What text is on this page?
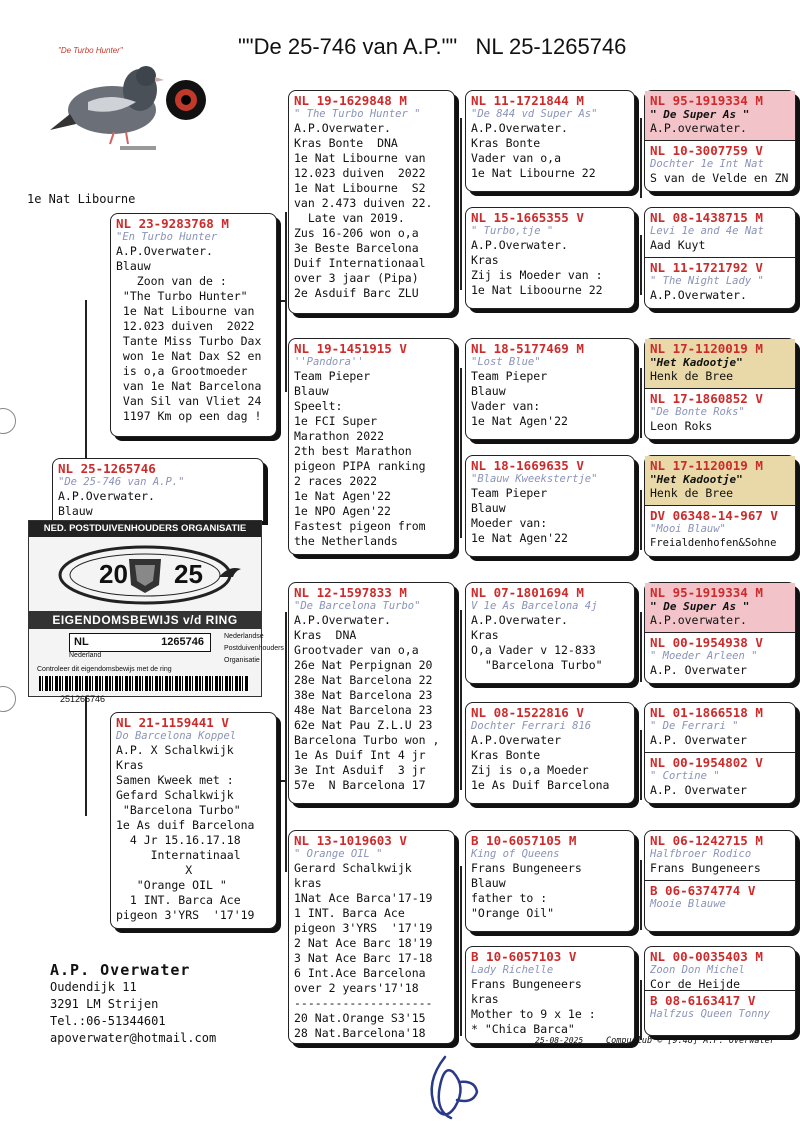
""De 25-746 van A.P."" NL 25-1265746
"De Turbo Hunter"
1e Nat Libourne
NL 25-1265746
"De 25-746 van A.P."
A.P.Overwater.
Blauw
NED. POSTDUIVENHOUDERS ORGANISATIE
20 25
EIGENDOMSBEWIJS v/d RING
NL	1265746
Nederland
Nederlandse
Postduivenhouders
Organisatie
Controleer dit eigendomsbewijs met de ring
251265746
NL 23-9283768 M
"En Turbo Hunter
A.P.Overwater.
Blauw
Zoon van de :
"The Turbo Hunter"
1e Nat Libourne van
12.023 duiven  2022
Tante Miss Turbo Dax
won 1e Nat Dax S2 en
is o,a Grootmoeder
van 1e Nat Barcelona
Van Sil van Vliet 24
1197 Km op een dag !
NL 21-1159441 V
Do Barcelona Koppel
A.P. X Schalkwijk
Kras
Samen Kweek met :
Gefard Schalkwijk
"Barcelona Turbo"
1e As duif Barcelona
4 Jr 15.16.17.18
Internatinaal
X
"Orange OIL "
1 INT. Barca Ace
pigeon 3'YRS  '17'19
NL 19-1629848 M
" The Turbo Hunter "
A.P.Overwater.
Kras Bonte  DNA
1e Nat Libourne van
12.023 duiven  2022
1e Nat Libourne  S2
van 2.473 duiven 22.
Late van 2019.
Zus 16-206 won o,a
3e Beste Barcelona
Duif Internationaal
over 3 jaar (Pipa)
2e Asduif Barc ZLU
NL 19-1451915 V
''Pandora''
Team Pieper
Blauw
Speelt:
1e FCI Super
Marathon 2022
2th best Marathon
pigeon PIPA ranking
2 races 2022
1e Nat Agen'22
1e NPO Agen'22
Fastest pigeon from
the Netherlands
NL 12-1597833 M
"De Barcelona Turbo"
A.P.Overwater.
Kras  DNA
Grootvader van o,a
26e Nat Perpignan 20
28e Nat Barcelona 22
38e Nat Barcelona 23
48e Nat Barcelona 23
62e Nat Pau Z.L.U 23
Barcelona Turbo won ,
1e As Duif Int 4 jr
3e Int Asduif  3 jr
57e  N Barcelona 17
NL 13-1019603 V
" Orange OIL "
Gerard Schalkwijk
kras
1Nat Ace Barca'17-19
1 INT. Barca Ace
pigeon 3'YRS  '17'19
2 Nat Ace Barc 18'19
3 Nat Ace Barc 17-18
6 Int.Ace Barcelona
over 2 years'17'18
--------------------
20 Nat.Orange S3'15
28 Nat.Barcelona'18
NL 11-1721844 M
"De 844 vd Super As"
A.P.Overwater.
Kras Bonte
Vader van o,a
1e Nat Libourne 22
NL 15-1665355 V
" Turbo,tje "
A.P.Overwater.
Kras
Zij is Moeder van :
1e Nat Liboourne 22
NL 18-5177469 M
"Lost Blue"
Team Pieper
Blauw
Vader van:
1e Nat Agen'22
NL 18-1669635 V
"Blauw Kweekstertje"
Team Pieper
Blauw
Moeder van:
1e Nat Agen'22
NL 07-1801694 M
V 1e As Barcelona 4j
A.P.Overwater.
Kras
O,a Vader v 12-833
"Barcelona Turbo"
NL 08-1522816 V
Dochter Ferrari 816
A.P.Overwater
Kras Bonte
Zij is o,a Moeder
1e As Duif Barcelona
B 10-6057105 M
King of Queens
Frans Bungeneers
Blauw
father to :
"Orange Oil"
B 10-6057103 V
Lady Richelle
Frans Bungeneers
kras
Mother to 9 x 1e :
* "Chica Barca"
NL 95-1919334 M
" De Super As "
A.P.overwater.
NL 10-3007759 V
Dochter 1e Int Nat
S van de Velde en ZN
NL 08-1438715 M
Levi 1e and 4e Nat
Aad Kuyt
NL 11-1721792 V
" The Night Lady "
A.P.Overwater.
NL 17-1120019 M
"Het Kadootje"
Henk de Bree
NL 17-1860852 V
"De Bonte Roks"
Leon Roks
NL 17-1120019 M
"Het Kadootje"
Henk de Bree
DV 06348-14-967 V
"Mooi Blauw"
Freialdenhofen&Sohne
NL 95-1919334 M
" De Super As "
A.P.overwater.
NL 00-1954938 V
" Moeder Arleen "
A.P. Overwater
NL 01-1866518 M
" De Ferrari "
A.P. Overwater
NL 00-1954802 V
" Cortine "
A.P. Overwater
NL 06-1242715 M
Halfbroer Rodico
Frans Bungeneers
B 06-6374774 V
Mooie Blauwe
NL 00-0035403 M
Zoon Don Michel
Cor de Heijde
B 08-6163417 V
Halfzus Queen Tonny
A.P. Overwater
Oudendijk 11
3291 LM Strijen
Tel.:06-51344601
apoverwater@hotmail.com	25-08-2025	Compuclub © [9.48] A.P. Overwater
